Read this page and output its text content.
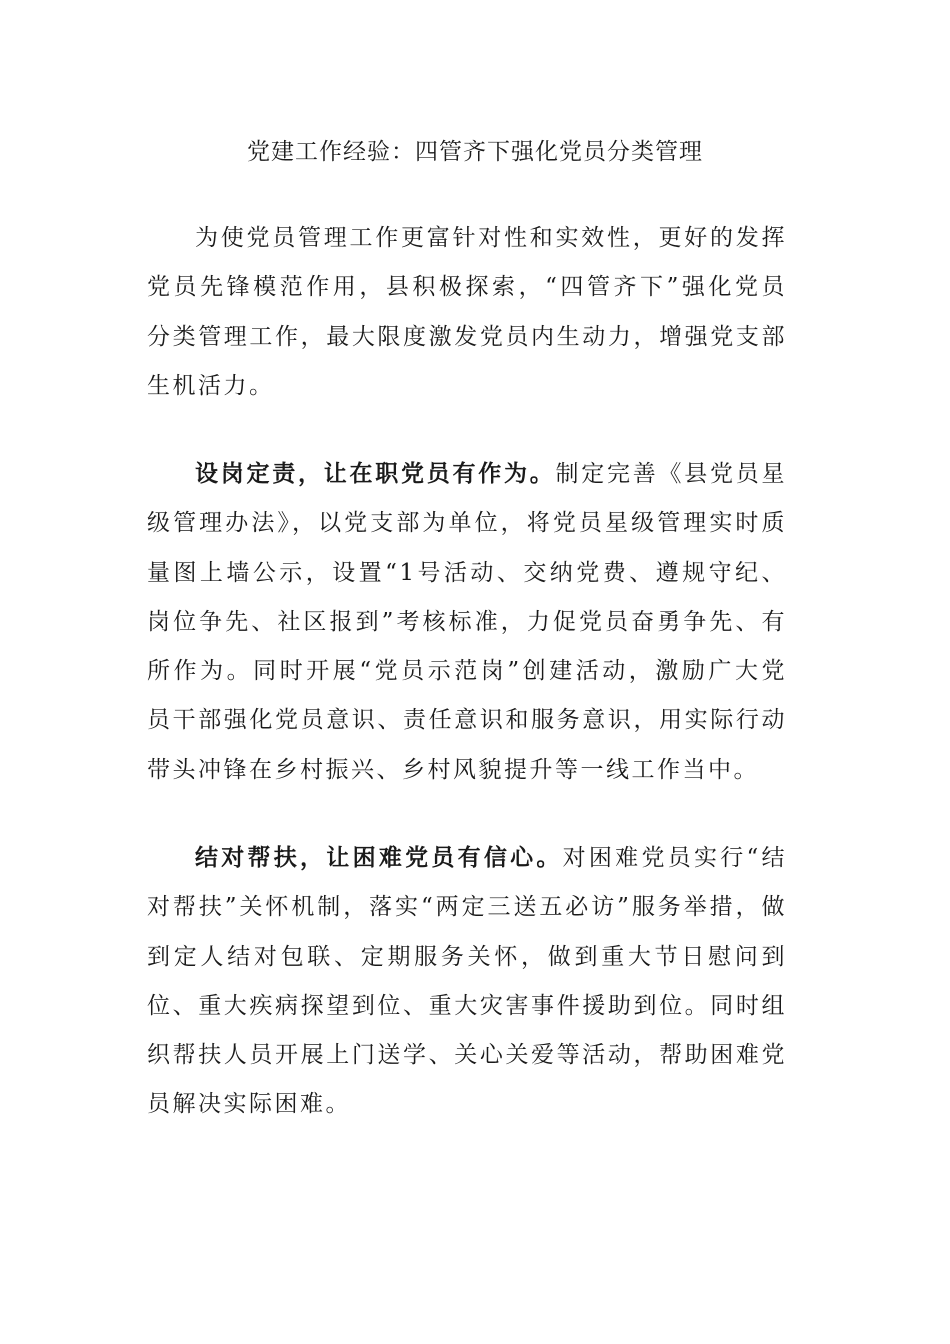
党建工作经验：四管齐下强化党员分类管理

为使党员管理工作更富针对性和实效性，更好的发挥党员先锋模范作用，县积极探索，“四管齐下”强化党员分类管理工作，最大限度激发党员内生动力，增强党支部生机活力。

设岗定责，让在职党员有作为。制定完善《县党员星级管理办法》，以党支部为单位，将党员星级管理实时质量图上墙公示，设置“1号活动、交纳党费、遵规守纪、岗位争先、社区报到”考核标准，力促党员奋勇争先、有所作为。同时开展“党员示范岗”创建活动，激励广大党员干部强化党员意识、责任意识和服务意识，用实际行动带头冲锋在乡村振兴、乡村风貌提升等一线工作当中。

结对帮扶，让困难党员有信心。对困难党员实行“结对帮扶”关怀机制，落实“两定三送五必访”服务举措，做到定人结对包联、定期服务关怀，做到重大节日慰问到位、重大疾病探望到位、重大灾害事件援助到位。同时组织帮扶人员开展上门送学、关心关爱等活动，帮助困难党员解决实际困难。
